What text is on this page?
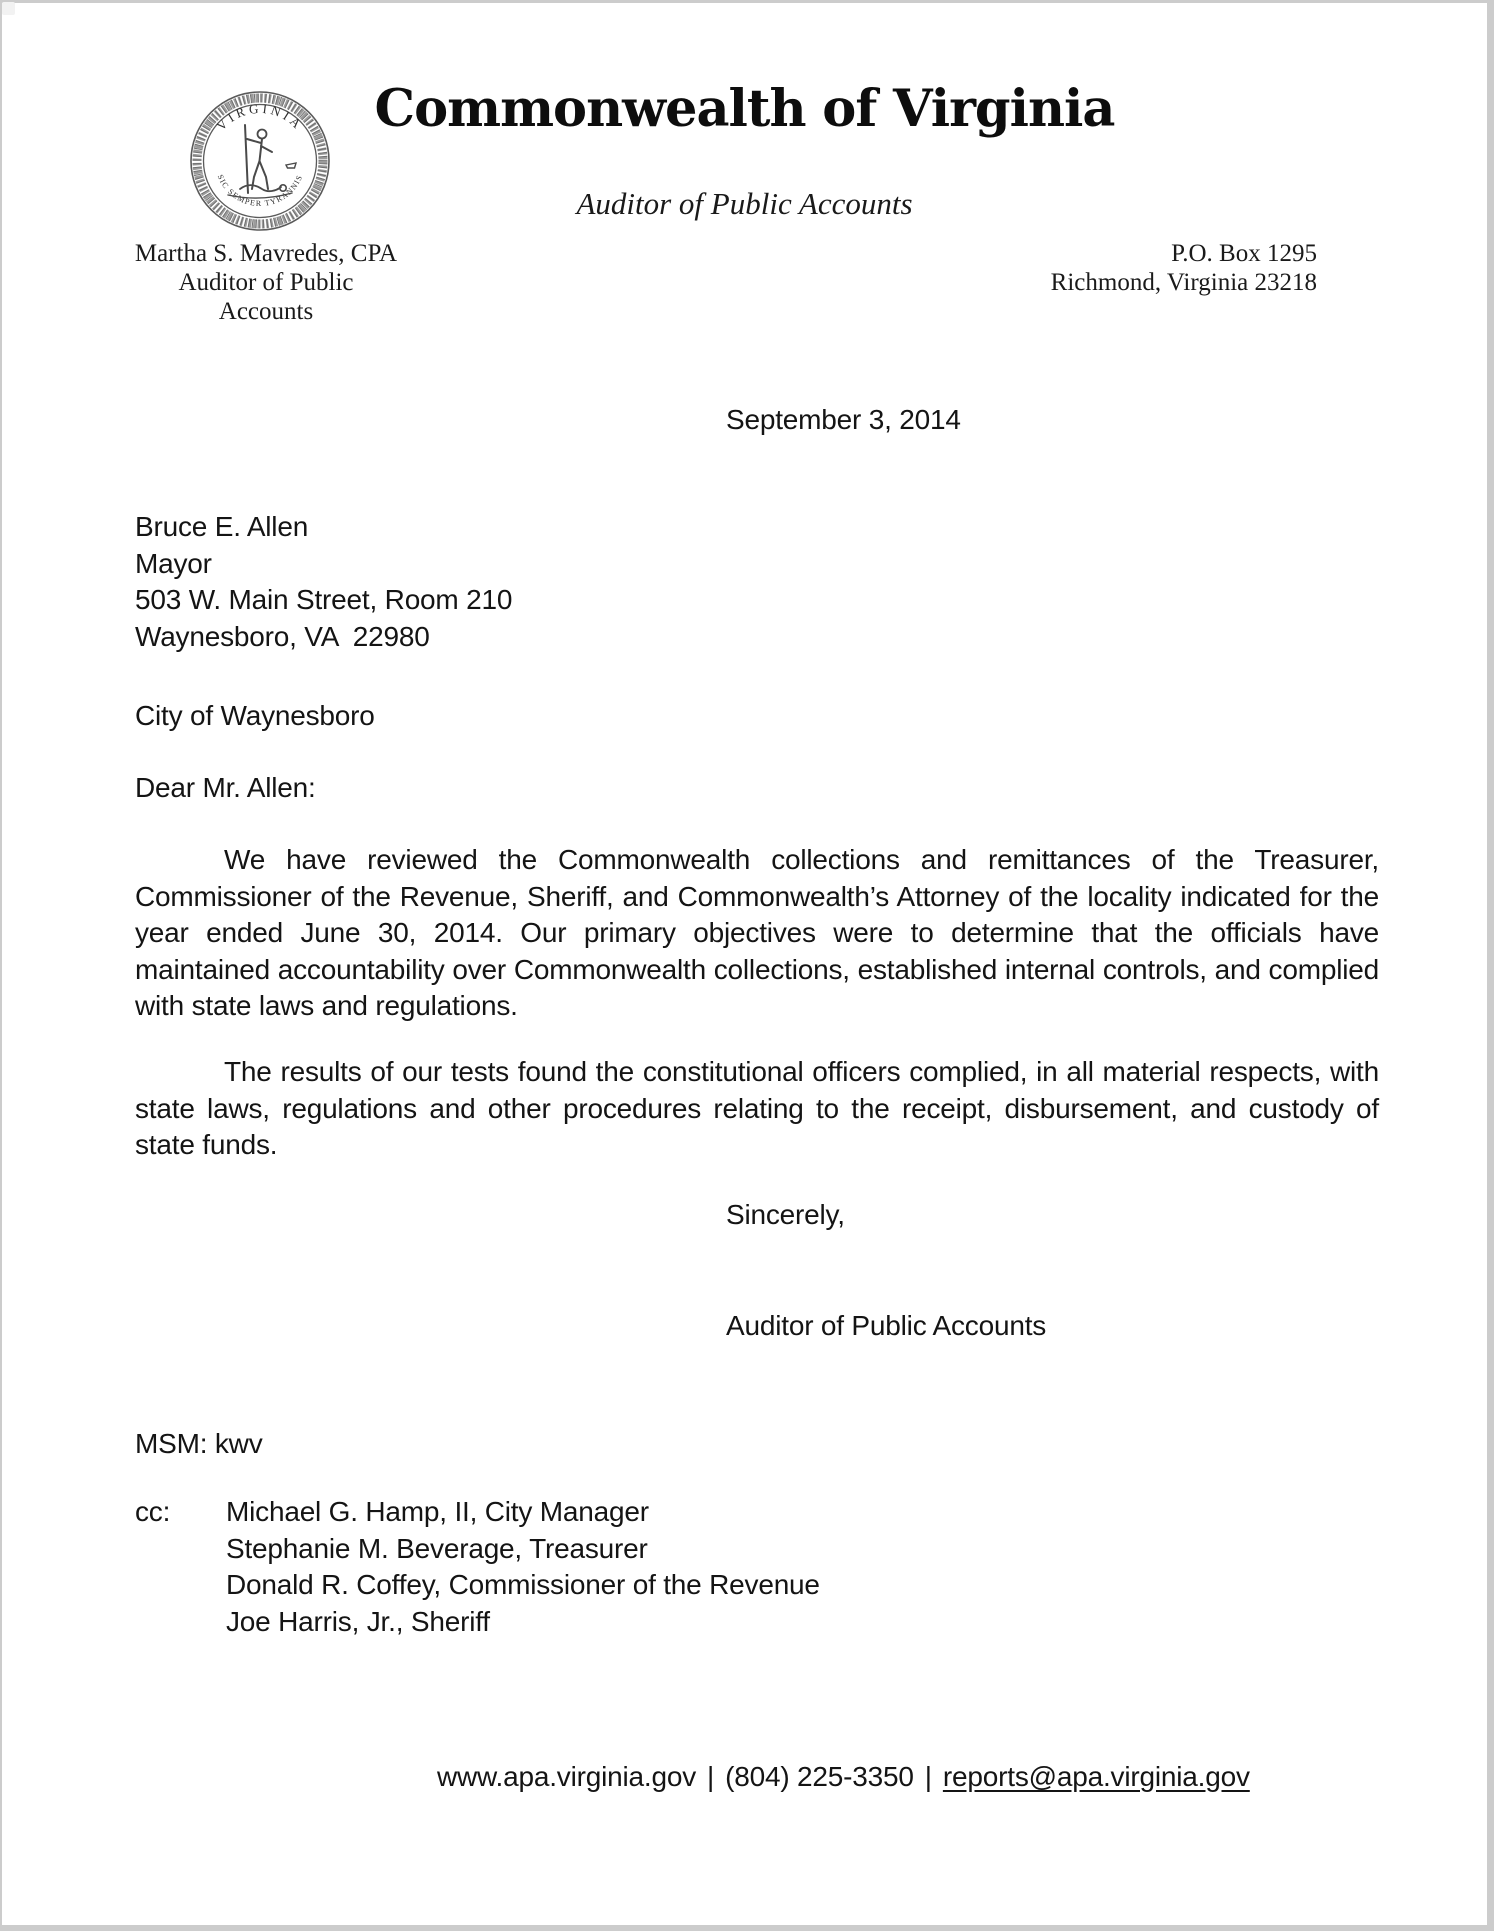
VIRGINIA
SIC SEMPER TYRANNIS
Commonwealth of Virginia
Auditor of Public Accounts
Martha S. Mavredes, CPA
Auditor of Public Accounts
P.O. Box 1295
Richmond, Virginia 23218
September 3, 2014
Bruce E. Allen
Mayor
503 W. Main Street, Room 210
Waynesboro, VA  22980
City of Waynesboro
Dear Mr. Allen:
We have reviewed the Commonwealth collections and remittances of the Treasurer, Commissioner of the Revenue, Sheriff, and Commonwealth’s Attorney of the locality indicated for the year ended June 30, 2014. Our primary objectives were to determine that the officials have maintained accountability over Commonwealth collections, established internal controls, and complied with state laws and regulations.
The results of our tests found the constitutional officers complied, in all material respects, with state laws, regulations and other procedures relating to the receipt, disbursement, and custody of state funds.
Sincerely,
Auditor of Public Accounts
MSM: kwv
cc:	Michael G. Hamp, II, City Manager
Stephanie M. Beverage, Treasurer
Donald R. Coffey, Commissioner of the Revenue
Joe Harris, Jr., Sheriff
www.apa.virginia.gov | (804) 225-3350 | reports@apa.virginia.gov
